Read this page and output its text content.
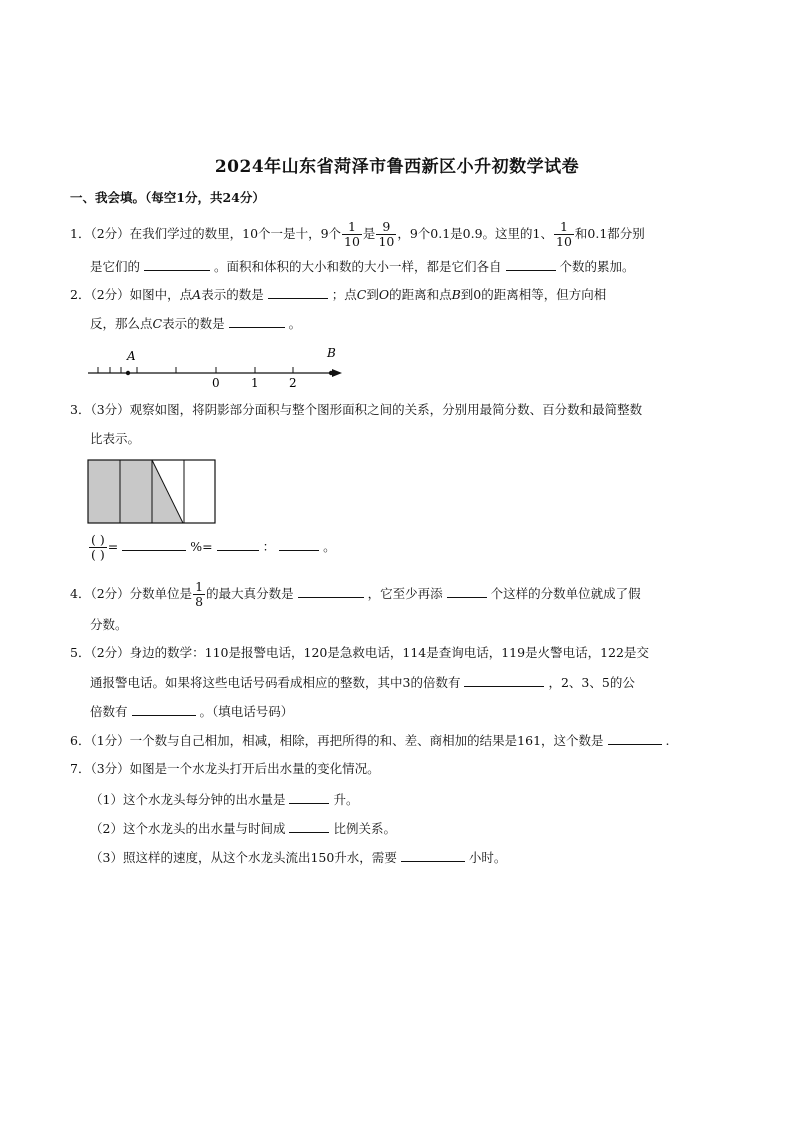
2024年山东省菏泽市鲁西新区小升初数学试卷
一、我会填。（每空1分，共24分）
1．（2分）在我们学过的数里，10个一是十，9个 $\frac{1}{10}$ 是 $\frac{9}{10}$ ，9个0.1是0.9。这里的1、 $\frac{1}{10}$ 和0.1都分别
是它们的	。面积和体积的大小和数的大小一样，都是它们各自	个数的累加。
2．（2分）如图中，点A表示的数是	；点C到O的距离和点B到0的距离相等，但方向相
反，那么点C表示的数是	。
A	B
0	1	2
3．（3分）观察如图，将阴影部分面积与整个图形面积之间的关系，分别用最简分数、百分数和最简整数
比表示。
$\frac{( )}{( )}$ =	%=	：	。
4．（2分）分数单位是 $\frac{1}{8}$ 的最大真分数是	，它至少再添	个这样的分数单位就成了假
分数。
5．（2分）身边的数学：110是报警电话，120是急救电话，114是查询电话，119是火警电话，122是交
通报警电话。如果将这些电话号码看成相应的整数，其中3的倍数有	，2、3、5的公
倍数有	。（填电话号码）
6．（1分）一个数与自己相加，相减，相除，再把所得的和、差、商相加的结果是161，这个数是	.
7．（3分）如图是一个水龙头打开后出水量的变化情况。
（1）这个水龙头每分钟的出水量是	升。
（2）这个水龙头的出水量与时间成	比例关系。
（3）照这样的速度，从这个水龙头流出150升水，需要	小时。
